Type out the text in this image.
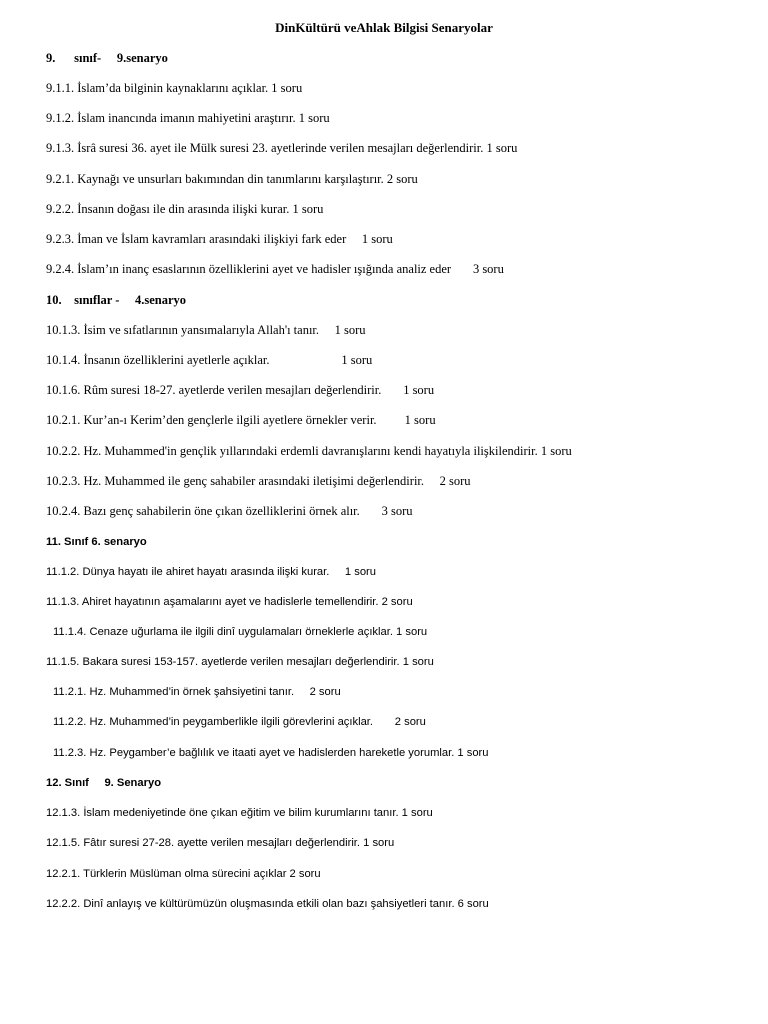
DinKültürü veAhlak Bilgisi Senaryolar
9.      sınıf-     9.senaryo
9.1.1. İslam’da bilginin kaynaklarını açıklar. 1 soru
9.1.2. İslam inancında imanın mahiyetini araştırır. 1 soru
9.1.3. İsrâ suresi 36. ayet ile Mülk suresi 23. ayetlerinde verilen mesajları değerlendirir. 1 soru
9.2.1. Kaynağı ve unsurları bakımından din tanımlarını karşılaştırır. 2 soru
9.2.2. İnsanın doğası ile din arasında ilişki kurar. 1 soru
9.2.3. İman ve İslam kavramları arasındaki ilişkiyi fark eder     1 soru
9.2.4. İslam’ın inanç esaslarının özelliklerini ayet ve hadisler ışığında analiz eder       3 soru
10.    sınıflar -     4.senaryo
10.1.3. İsim ve sıfatlarının yansımalarıyla Allah'ı tanır.     1 soru
10.1.4. İnsanın özelliklerini ayetlerle açıklar.                       1 soru
10.1.6. Rûm suresi 18-27. ayetlerde verilen mesajları değerlendirir.       1 soru
10.2.1. Kur’an-ı Kerim’den gençlerle ilgili ayetlere örnekler verir.         1 soru
10.2.2. Hz. Muhammed'in gençlik yıllarındaki erdemli davranışlarını kendi hayatıyla ilişkilendirir. 1 soru
10.2.3. Hz. Muhammed ile genç sahabiler arasındaki iletişimi değerlendirir.     2 soru
10.2.4. Bazı genç sahabilerin öne çıkan özelliklerini örnek alır.       3 soru
11. Sınıf 6. senaryo
11.1.2. Dünya hayatı ile ahiret hayatı arasında ilişki kurar.     1 soru
11.1.3. Ahiret hayatının aşamalarını ayet ve hadislerle temellendirir. 2 soru
11.1.4. Cenaze uğurlama ile ilgili dinî uygulamaları örneklerle açıklar. 1 soru
11.1.5. Bakara suresi 153-157. ayetlerde verilen mesajları değerlendirir. 1 soru
11.2.1. Hz. Muhammed’in örnek şahsiyetini tanır.     2 soru
11.2.2. Hz. Muhammed’in peygamberlikle ilgili görevlerini açıklar.       2 soru
11.2.3. Hz. Peygamber’e bağlılık ve itaati ayet ve hadislerden hareketle yorumlar. 1 soru
12. Sınıf     9. Senaryo
12.1.3. İslam medeniyetinde öne çıkan eğitim ve bilim kurumlarını tanır. 1 soru
12.1.5. Fâtır suresi 27-28. ayette verilen mesajları değerlendirir. 1 soru
12.2.1. Türklerin Müslüman olma sürecini açıklar 2 soru
12.2.2. Dinî anlayış ve kültürümüzün oluşmasında etkili olan bazı şahsiyetleri tanır. 6 soru
